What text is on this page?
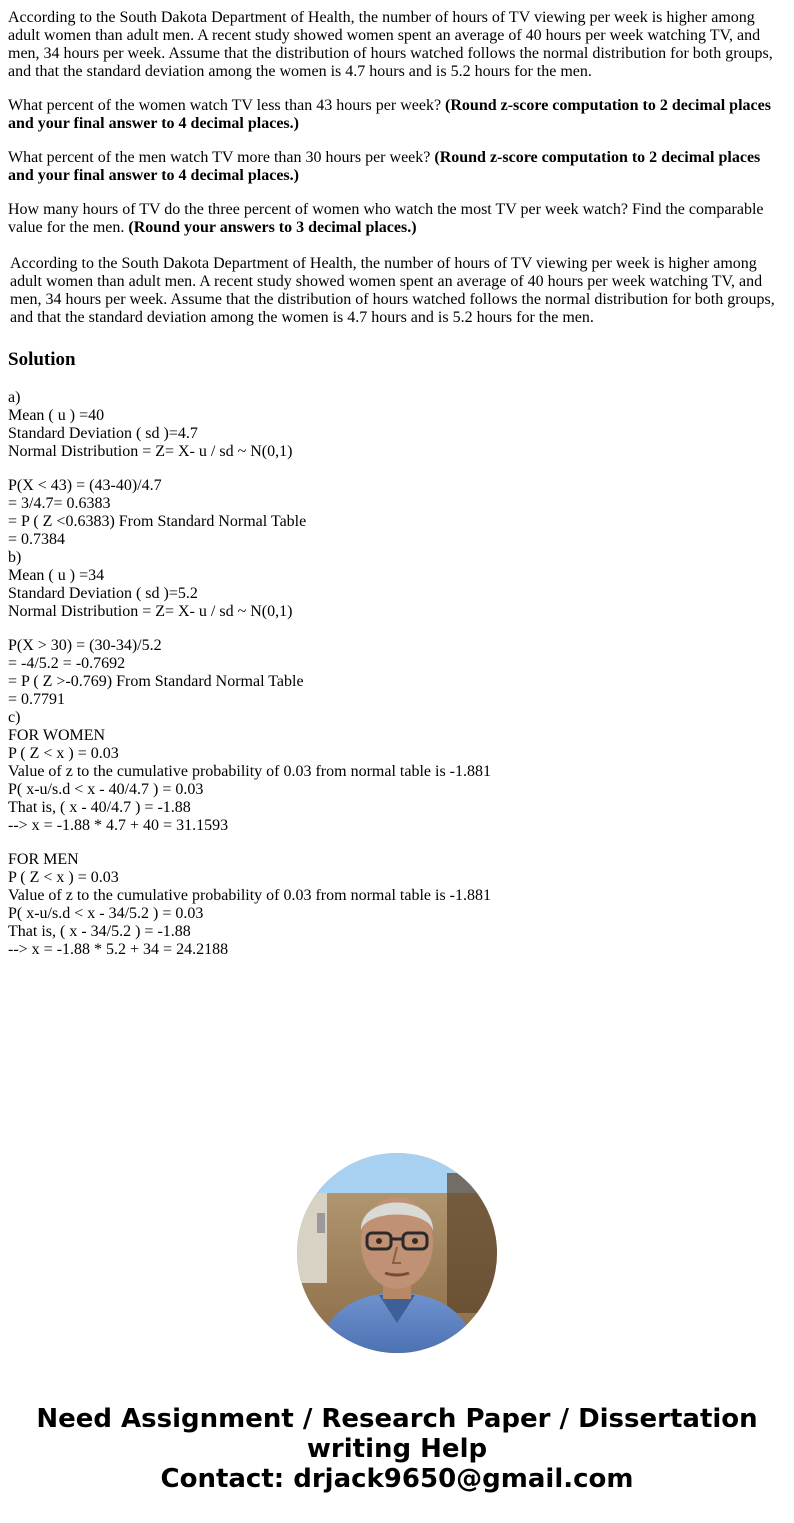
According to the South Dakota Department of Health, the number of hours of TV viewing per week is higher among adult women than adult men. A recent study showed women spent an average of 40 hours per week watching TV, and men, 34 hours per week. Assume that the distribution of hours watched follows the normal distribution for both groups, and that the standard deviation among the women is 4.7 hours and is 5.2 hours for the men.

What percent of the women watch TV less than 43 hours per week? (Round z-score computation to 2 decimal places and your final answer to 4 decimal places.)

What percent of the men watch TV more than 30 hours per week? (Round z-score computation to 2 decimal places and your final answer to 4 decimal places.)

How many hours of TV do the three percent of women who watch the most TV per week watch? Find the comparable value for the men. (Round your answers to 3 decimal places.)

According to the South Dakota Department of Health, the number of hours of TV viewing per week is higher among adult women than adult men. A recent study showed women spent an average of 40 hours per week watching TV, and men, 34 hours per week. Assume that the distribution of hours watched follows the normal distribution for both groups, and that the standard deviation among the women is 4.7 hours and is 5.2 hours for the men.

Solution
a)
Mean ( u ) =40
Standard Deviation ( sd )=4.7
Normal Distribution = Z= X- u / sd ~ N(0,1)
P(X < 43) = (43-40)/4.7
= 3/4.7= 0.6383
= P ( Z <0.6383) From Standard Normal Table
= 0.7384
b)
Mean ( u ) =34
Standard Deviation ( sd )=5.2
Normal Distribution = Z= X- u / sd ~ N(0,1)
P(X > 30) = (30-34)/5.2
= -4/5.2 = -0.7692
= P ( Z >-0.769) From Standard Normal Table
= 0.7791
c)
FOR WOMEN
P ( Z < x ) = 0.03
Value of z to the cumulative probability of 0.03 from normal table is -1.881
P( x-u/s.d < x - 40/4.7 ) = 0.03
That is, ( x - 40/4.7 ) = -1.88
--> x = -1.88 * 4.7 + 40 = 31.1593
FOR MEN
P ( Z < x ) = 0.03
Value of z to the cumulative probability of 0.03 from normal table is -1.881
P( x-u/s.d < x - 34/5.2 ) = 0.03
That is, ( x - 34/5.2 ) = -1.88
--> x = -1.88 * 5.2 + 34 = 24.2188
Need Assignment / Research Paper / Dissertation
writing Help
Contact: drjack9650@gmail.com
